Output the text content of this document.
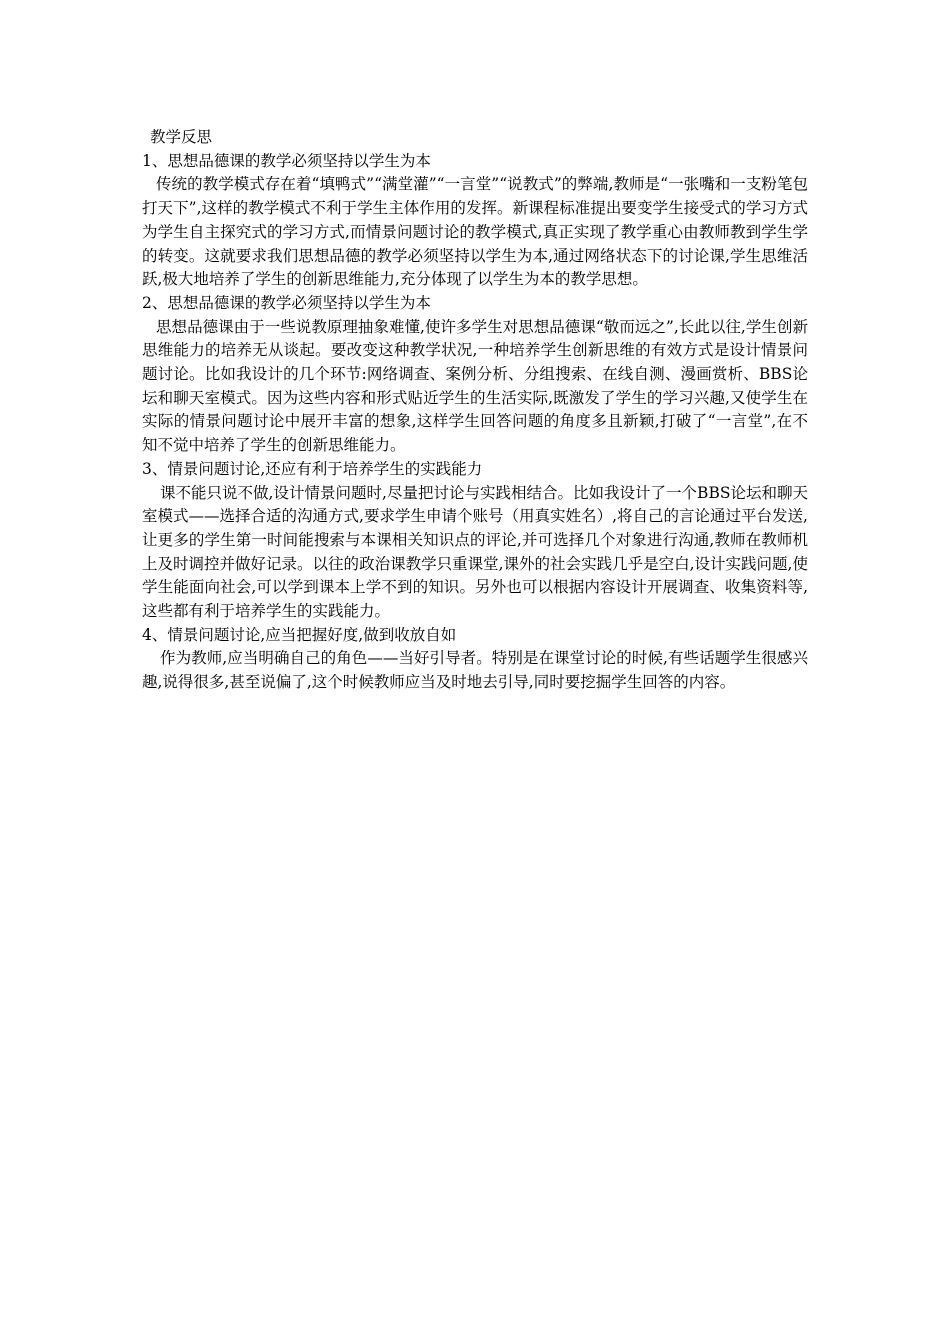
教学反思
1、思想品德课的教学必须坚持以学生为本

传统的教学模式存在着“填鸭式”“满堂灌”“一言堂”“说教式”的弊端,教师是“一张嘴和一支粉笔包打天下”,这样的教学模式不利于学生主体作用的发挥。新课程标准提出要变学生接受式的学习方式为学生自主探究式的学习方式,而情景问题讨论的教学模式,真正实现了教学重心由教师教到学生学的转变。这就要求我们思想品德的教学必须坚持以学生为本,通过网络状态下的讨论课,学生思维活跃,极大地培养了学生的创新思维能力,充分体现了以学生为本的教学思想。

2、思想品德课的教学必须坚持以学生为本

思想品德课由于一些说教原理抽象难懂,使许多学生对思想品德课“敬而远之”,长此以往,学生创新思维能力的培养无从谈起。要改变这种教学状况,一种培养学生创新思维的有效方式是设计情景问题讨论。比如我设计的几个环节:网络调查、案例分析、分组搜索、在线自测、漫画赏析、BBS论坛和聊天室模式。因为这些内容和形式贴近学生的生活实际,既激发了学生的学习兴趣,又使学生在实际的情景问题讨论中展开丰富的想象,这样学生回答问题的角度多且新颖,打破了“一言堂”,在不知不觉中培养了学生的创新思维能力。

3、情景问题讨论,还应有利于培养学生的实践能力

课不能只说不做,设计情景问题时,尽量把讨论与实践相结合。比如我设计了一个BBS论坛和聊天室模式——选择合适的沟通方式,要求学生申请个账号（用真实姓名）,将自己的言论通过平台发送,让更多的学生第一时间能搜索与本课相关知识点的评论,并可选择几个对象进行沟通,教师在教师机上及时调控并做好记录。以往的政治课教学只重课堂,课外的社会实践几乎是空白,设计实践问题,使学生能面向社会,可以学到课本上学不到的知识。另外也可以根据内容设计开展调查、收集资料等,这些都有利于培养学生的实践能力。

4、情景问题讨论,应当把握好度,做到收放自如

作为教师,应当明确自己的角色——当好引导者。特别是在课堂讨论的时候,有些话题学生很感兴趣,说得很多,甚至说偏了,这个时候教师应当及时地去引导,同时要挖掘学生回答的内容。
